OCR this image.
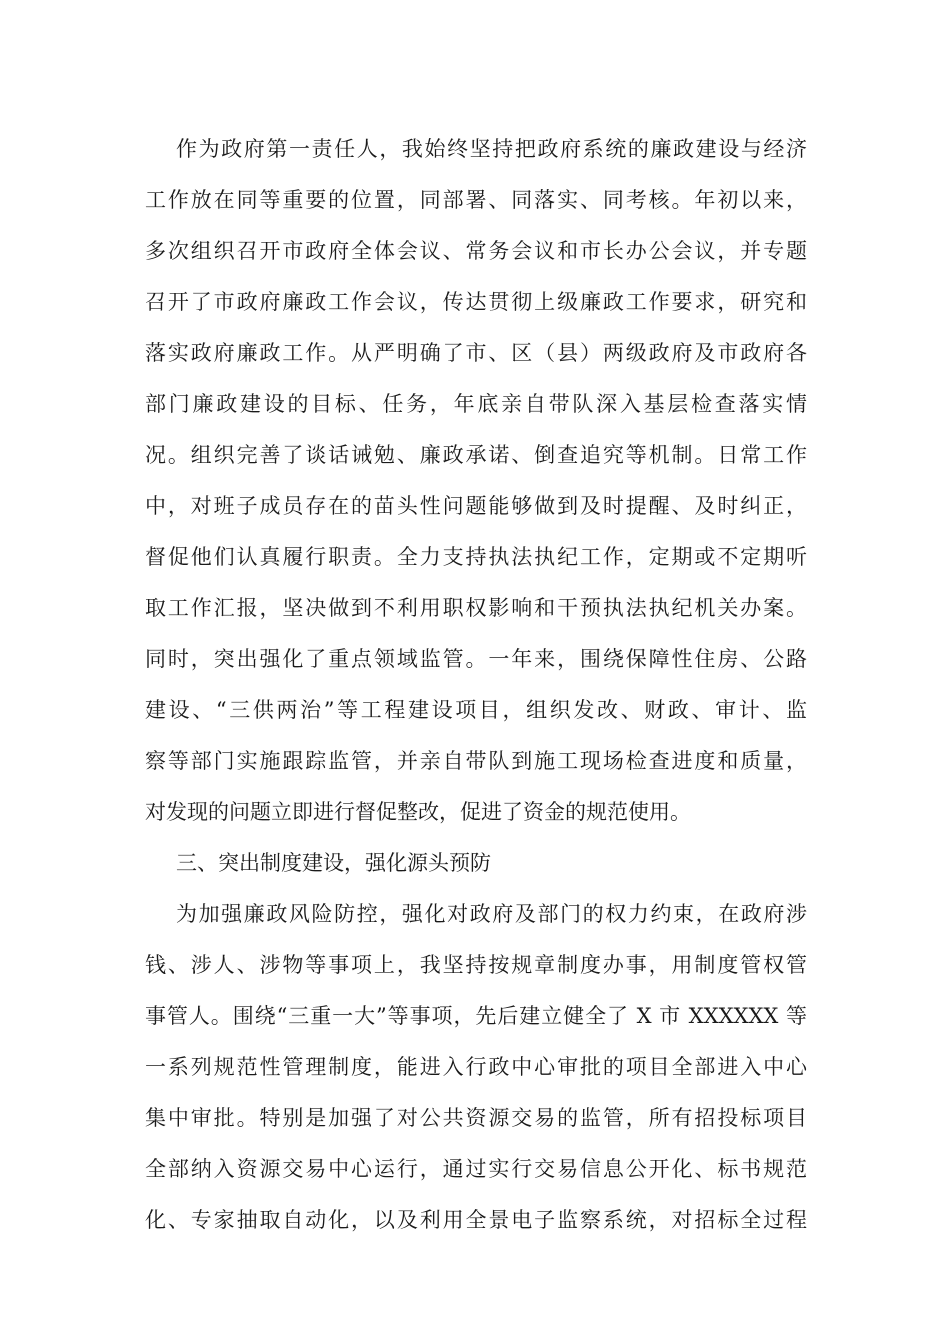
作为政府第一责任人，我始终坚持把政府系统的廉政建设与经济
工作放在同等重要的位置，同部署、同落实、同考核。年初以来，
多次组织召开市政府全体会议、常务会议和市长办公会议，并专题
召开了市政府廉政工作会议，传达贯彻上级廉政工作要求，研究和
落实政府廉政工作。从严明确了市、区（县）两级政府及市政府各
部门廉政建设的目标、任务，年底亲自带队深入基层检查落实情
况。组织完善了谈话诫勉、廉政承诺、倒查追究等机制。日常工作
中，对班子成员存在的苗头性问题能够做到及时提醒、及时纠正，
督促他们认真履行职责。全力支持执法执纪工作，定期或不定期听
取工作汇报，坚决做到不利用职权影响和干预执法执纪机关办案。
同时，突出强化了重点领域监管。一年来，围绕保障性住房、公路
建设、“三供两治”等工程建设项目，组织发改、财政、审计、监
察等部门实施跟踪监管，并亲自带队到施工现场检查进度和质量，
对发现的问题立即进行督促整改，促进了资金的规范使用。
三、突出制度建设，强化源头预防
为加强廉政风险防控，强化对政府及部门的权力约束，在政府涉
钱、涉人、涉物等事项上，我坚持按规章制度办事，用制度管权管
事管人。围绕“三重一大”等事项，先后建立健全了 X 市 XXXXXX 等
一系列规范性管理制度，能进入行政中心审批的项目全部进入中心
集中审批。特别是加强了对公共资源交易的监管，所有招投标项目
全部纳入资源交易中心运行，通过实行交易信息公开化、标书规范
化、专家抽取自动化，以及利用全景电子监察系统，对招标全过程
